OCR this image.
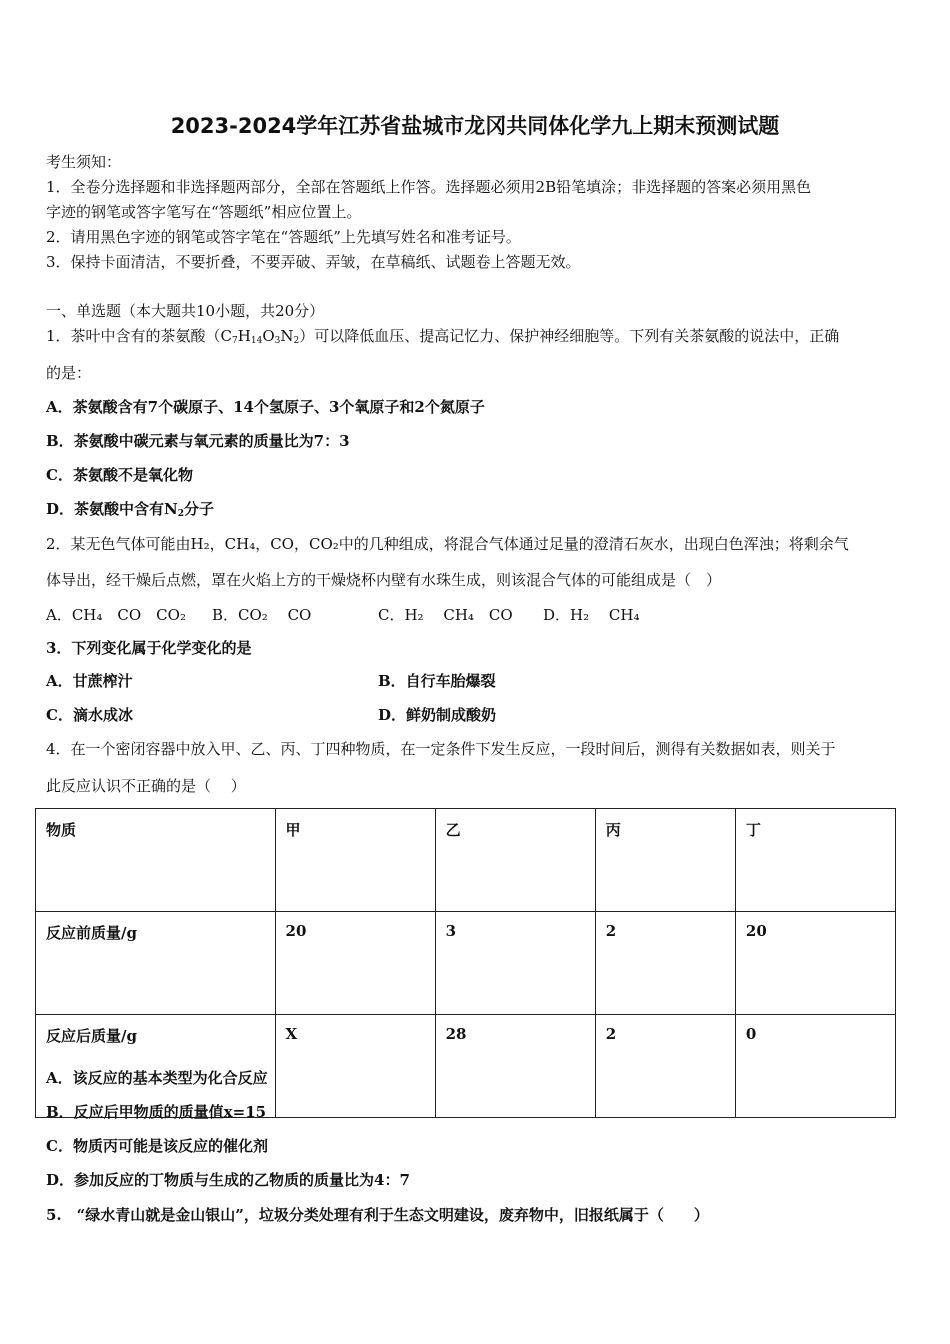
2023-2024学年江苏省盐城市龙冈共同体化学九上期末预测试题
考生须知：
1．全卷分选择题和非选择题两部分，全部在答题纸上作答。选择题必须用2B铅笔填涂；非选择题的答案必须用黑色
字迹的钢笔或答字笔写在“答题纸”相应位置上。
2．请用黑色字迹的钢笔或答字笔在“答题纸”上先填写姓名和准考证号。
3．保持卡面清洁，不要折叠，不要弄破、弄皱，在草稿纸、试题卷上答题无效。
一、单选题（本大题共10小题，共20分）
1．茶叶中含有的茶氨酸$(C_7H_{14}O_3N_2)$可以降低血压、提高记忆力、保护神经细胞等。下列有关茶氨酸的说法中，正确
的是：
A．茶氨酸含有7个碳原子、14个氢原子、3个氧原子和2个氮原子
B．茶氨酸中碳元素与氧元素的质量比为7：3
C．茶氨酸不是氧化物
D．茶氨酸中含有$N_2$分子
2．某无色气体可能由H₂，CH₄，CO，CO₂中的几种组成，将混合气体通过足量的澄清石灰水，出现白色浑浊；将剩余气
体导出，经干燥后点燃，罩在火焰上方的干燥烧杯内壁有水珠生成，则该混合气体的可能组成是（　）
A．CH₄　CO　CO₂ B．CO₂　 CO	C．H₂　 CH₄　CO D．H₂　 CH₄
3．下列变化属于化学变化的是
A．甘蔗榨汁	B．自行车胎爆裂
C．滴水成冰	D．鲜奶制成酸奶
4．在一个密闭容器中放入甲、乙、丙、丁四种物质，在一定条件下发生反应，一段时间后，测得有关数据如表，则关于
此反应认识不正确的是（　 ）
物质	甲	乙	丙	丁
反应前质量/g	20	3	2	20
反应后质量/g	X	28	2	0
A．该反应的基本类型为化合反应
B．反应后甲物质的质量值x=15
C．物质丙可能是该反应的催化剂
D．参加反应的丁物质与生成的乙物质的质量比为4：7
5.　“绿水青山就是金山银山”，垃圾分类处理有利于生态文明建设，废弃物中，旧报纸属于（　　）
